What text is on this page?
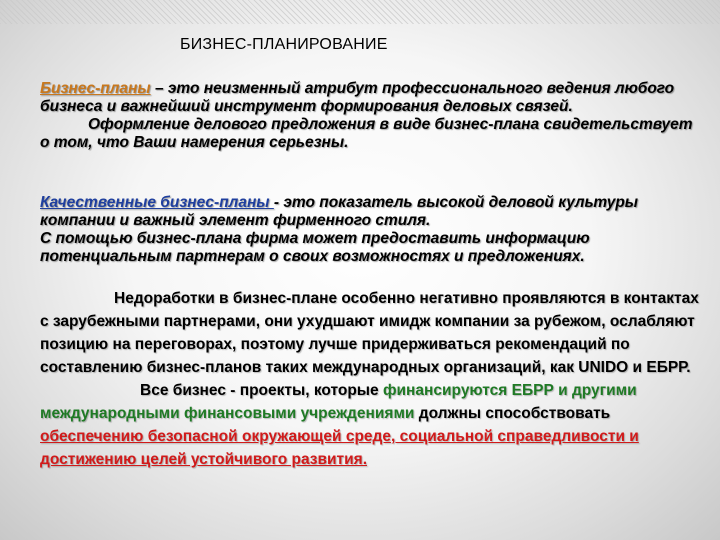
БИЗНЕС-ПЛАНИРОВАНИЕ

Бизнес-планы – это неизменный атрибут профессионального ведения любого бизнеса и важнейший инструмент формирования деловых связей.
Оформление делового предложения в виде бизнес-плана свидетельствует о том, что Ваши намерения серьезны.

Качественные бизнес-планы - это показатель высокой деловой культуры компании и важный элемент фирменного стиля.
С помощью бизнес-плана фирма может предоставить информацию потенциальным партнерам о своих возможностях и предложениях.

Недоработки в бизнес-плане особенно негативно проявляются в контактах с зарубежными партнерами, они ухудшают имидж компании за рубежом, ослабляют позицию на переговорах, поэтому лучше придерживаться рекомендаций по составлению бизнес-планов таких международных организаций, как UNIDO и ЕБРР.
Все бизнес - проекты, которые финансируются ЕБРР и другими международными финансовыми учреждениями должны способствовать обеспечению безопасной окружающей среде, социальной справедливости и достижению целей устойчивого развития.
